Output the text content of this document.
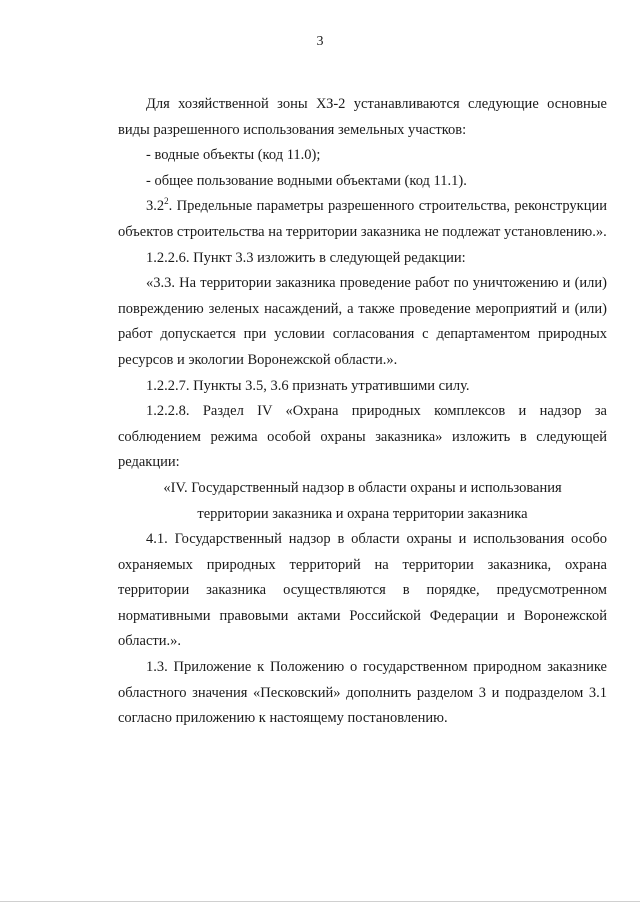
3

Для хозяйственной зоны ХЗ-2 устанавливаются следующие основные виды разрешенного использования земельных участков:

- водные объекты (код 11.0);

- общее пользование водными объектами (код 11.1).

$3.2^2$. Предельные параметры разрешенного строительства, реконструкции объектов строительства на территории заказника не подлежат установлению.».

1.2.2.6. Пункт 3.3 изложить в следующей редакции:

«3.3. На территории заказника проведение работ по уничтожению и (или) повреждению зеленых насаждений, а также проведение мероприятий и (или) работ допускается при условии согласования с департаментом природных ресурсов и экологии Воронежской области.».

1.2.2.7. Пункты 3.5, 3.6 признать утратившими силу.

1.2.2.8. Раздел IV «Охрана природных комплексов и надзор за соблюдением режима особой охраны заказника» изложить в следующей редакции:

«IV. Государственный надзор в области охраны и использования

территории заказника и охрана территории заказника

4.1. Государственный надзор в области охраны и использования особо охраняемых природных территорий на территории заказника, охрана территории заказника осуществляются в порядке, предусмотренном нормативными правовыми актами Российской Федерации и Воронежской области.».

1.3. Приложение к Положению о государственном природном заказнике областного значения «Песковский» дополнить разделом 3 и подразделом 3.1 согласно приложению к настоящему постановлению.
